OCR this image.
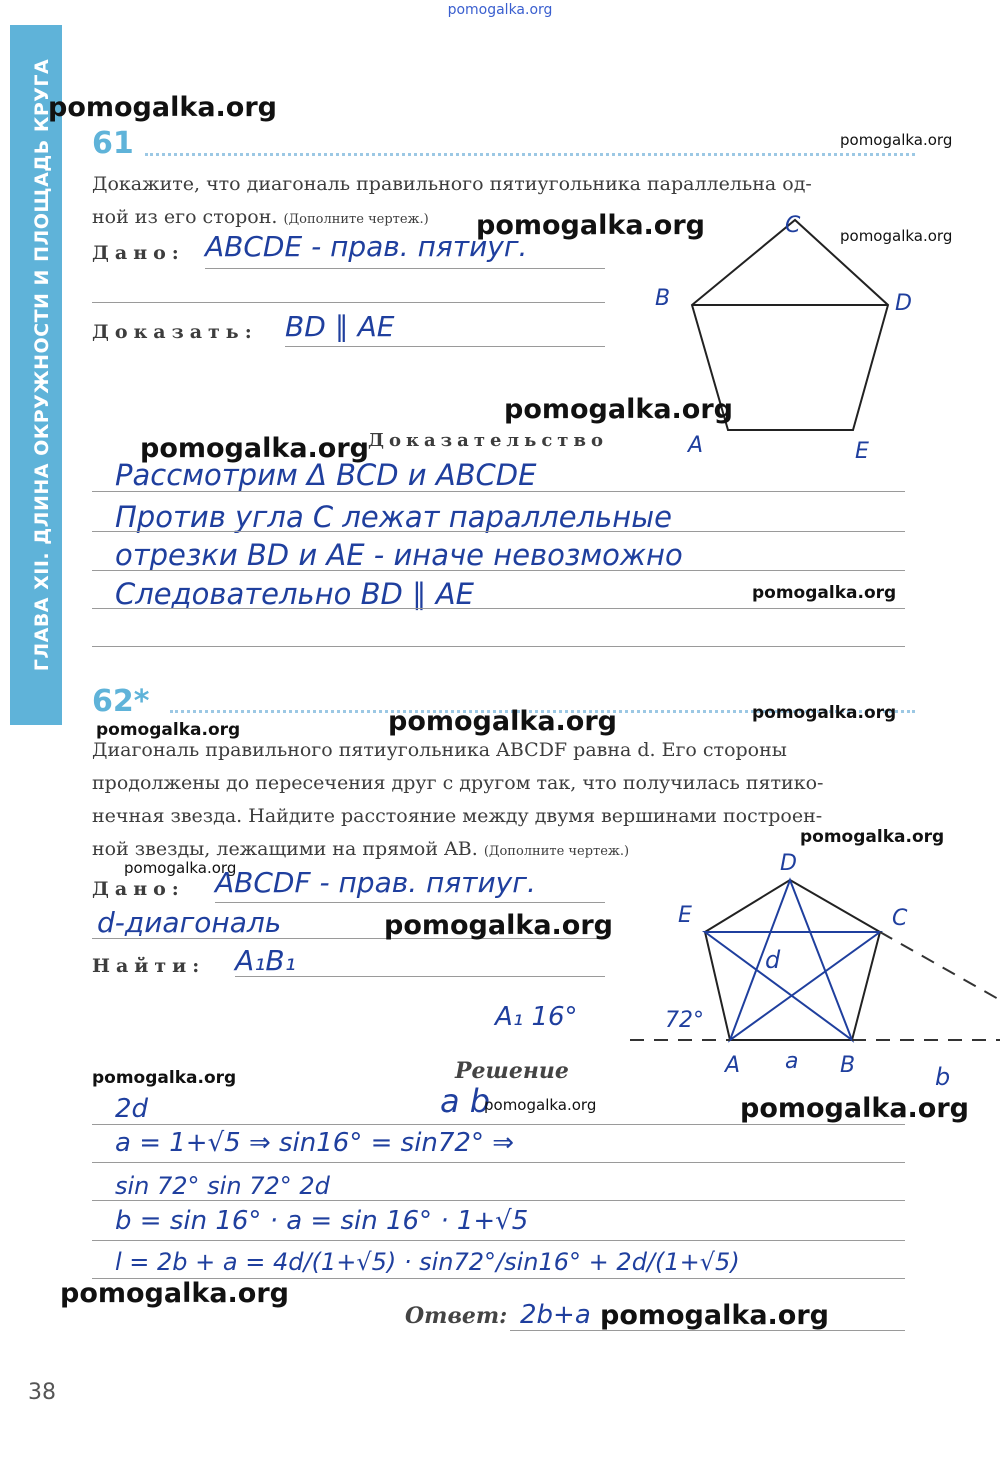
ГЛАВА XII. ДЛИНА ОКРУЖНОСТИ И ПЛОЩАДЬ КРУГА
pomogalka.org
61
Докажите, что диагональ правильного пятиугольника параллельна од-
ной из его сторон. (Дополните чертеж.)
Дано: ABCDE - прав. пятиуг.
Доказать: BD ∥ AE
C
B	D
A	E
Доказательство
Рассмотрим Δ BCD и ABCDE
Против угла C лежат параллельные
отрезки BD и AE - иначе невозможно
Следовательно BD ∥ AE
62*
Диагональ правильного пятиугольника ABCDF равна d. Его стороны
продолжены до пересечения друг с другом так, что получилась пятико-
нечная звезда. Найдите расстояние между двумя вершинами построен-
ной звезды, лежащими на прямой AB. (Дополните чертеж.)
Дано: ABCDF - прав. пятиуг.
d-диагональ
Найти: A₁B₁
A₁ 16°	72°
D
C
E
A	B
a
b
d
Решение
a b
2d
a = 1+√5 ⇒ sin16° = sin72° ⇒
sin 72° sin 72° 2d
b = sin 16° · a = sin 16° · 1+√5
l = 2b + a = 4d/(1+√5) · sin72°/sin16° + 2d/(1+√5)
Ответ: 2b+a
38
pomogalka.org
pomogalka.org
pomogalka.org	pomogalka.org
pomogalka.org
pomogalka.org
pomogalka.org
pomogalka.org
pomogalka.org
pomogalka.org
pomogalka.org
pomogalka.org
pomogalka.org
pomogalka.org
pomogalka.org	pomogalka.org
pomogalka.org
pomogalka.org
